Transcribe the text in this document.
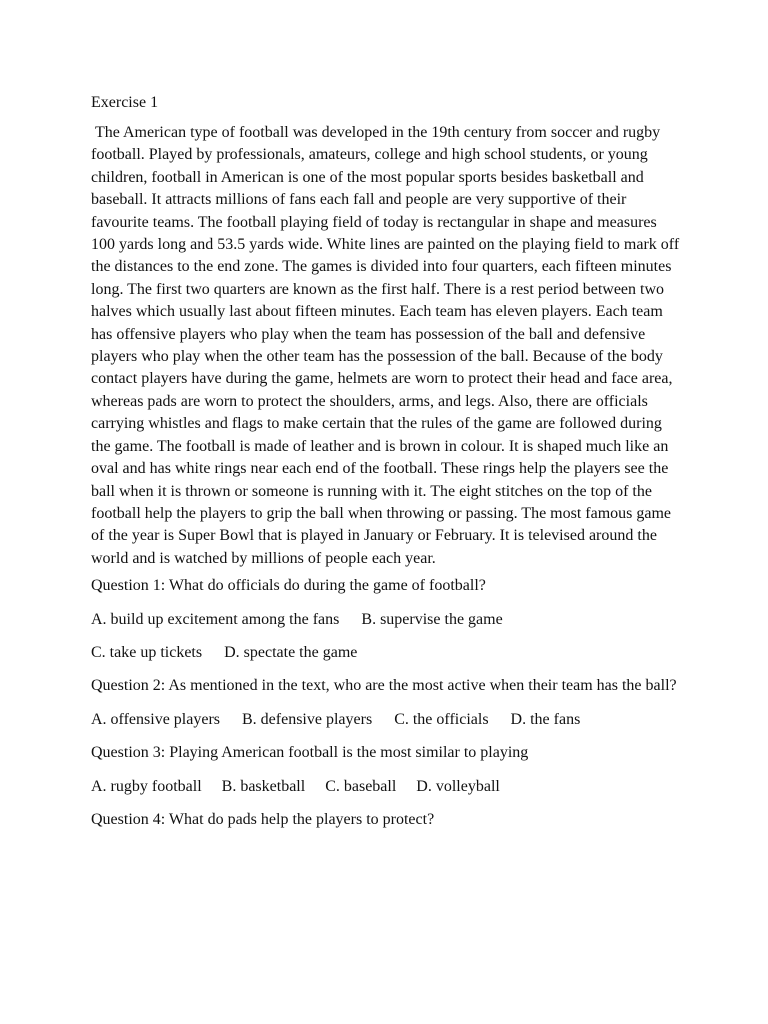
Exercise 1

The American type of football was developed in the 19th century from soccer and rugby football. Played by professionals, amateurs, college and high school students, or young children, football in American is one of the most popular sports besides basketball and baseball. It attracts millions of fans each fall and people are very supportive of their favourite teams. The football playing field of today is rectangular in shape and measures 100 yards long and 53.5 yards wide. White lines are painted on the playing field to mark off the distances to the end zone. The games is divided into four quarters, each fifteen minutes long. The first two quarters are known as the first half. There is a rest period between two halves which usually last about fifteen minutes. Each team has eleven players. Each team has offensive players who play when the team has possession of the ball and defensive players who play when the other team has the possession of the ball. Because of the body contact players have during the game, helmets are worn to protect their head and face area, whereas pads are worn to protect the shoulders, arms, and legs. Also, there are officials carrying whistles and flags to make certain that the rules of the game are followed during the game. The football is made of leather and is brown in colour. It is shaped much like an oval and has white rings near each end of the football. These rings help the players see the ball when it is thrown or someone is running with it. The eight stitches on the top of the football help the players to grip the ball when throwing or passing. The most famous game of the year is Super Bowl that is played in January or February. It is televised around the world and is watched by millions of people each year.

Question 1: What do officials do during the game of football?

A. build up excitement among the fans B. supervise the game

C. take up tickets D. spectate the game

Question 2: As mentioned in the text, who are the most active when their team has the ball?

A. offensive players B. defensive players C. the officials D. the fans

Question 3: Playing American football is the most similar to playing

A. rugby football B. basketball C. baseball D. volleyball

Question 4: What do pads help the players to protect?
